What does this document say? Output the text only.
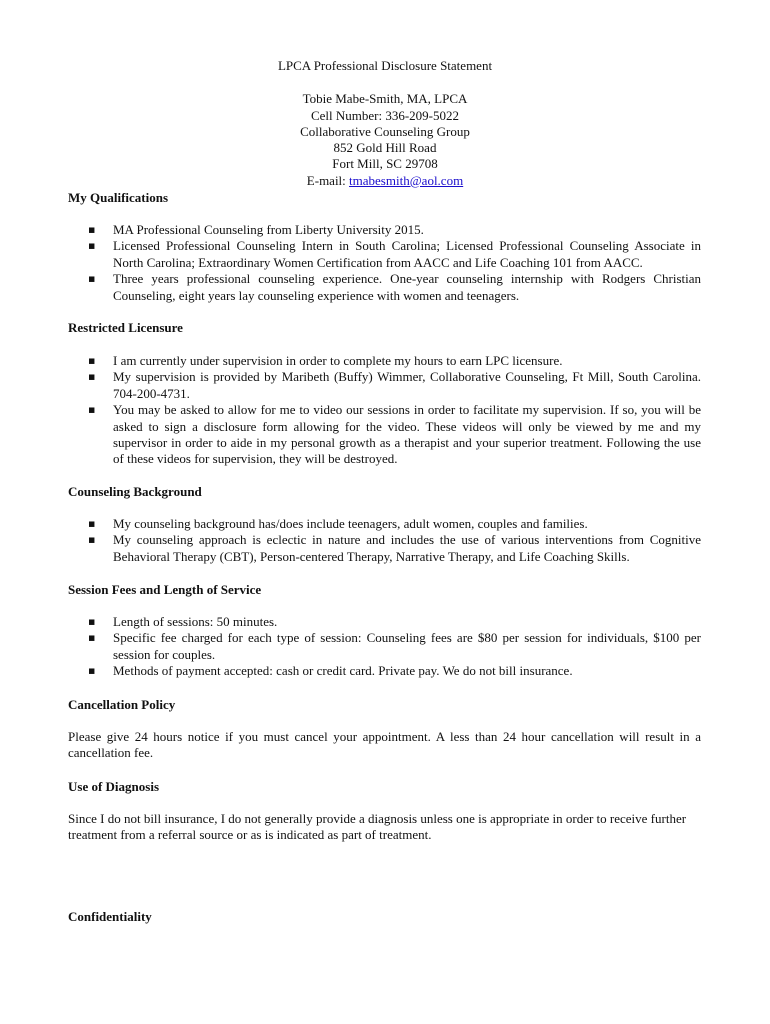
LPCA Professional Disclosure Statement
Tobie Mabe-Smith, MA, LPCA
Cell Number: 336-209-5022
Collaborative Counseling Group
852 Gold Hill Road
Fort Mill, SC 29708
E-mail: tmabesmith@aol.com
My Qualifications
▪ MA Professional Counseling from Liberty University 2015.
▪ Licensed Professional Counseling Intern in South Carolina; Licensed Professional Counseling Associate in North Carolina; Extraordinary Women Certification from AACC and Life Coaching 101 from AACC.
▪ Three years professional counseling experience. One-year counseling internship with Rodgers Christian Counseling, eight years lay counseling experience with women and teenagers.
Restricted Licensure
▪ I am currently under supervision in order to complete my hours to earn LPC licensure.
▪ My supervision is provided by Maribeth (Buffy) Wimmer, Collaborative Counseling, Ft Mill, South Carolina. 704-200-4731.
▪ You may be asked to allow for me to video our sessions in order to facilitate my supervision. If so, you will be asked to sign a disclosure form allowing for the video. These videos will only be viewed by me and my supervisor in order to aide in my personal growth as a therapist and your superior treatment. Following the use of these videos for supervision, they will be destroyed.
Counseling Background
▪ My counseling background has/does include teenagers, adult women, couples and families.
▪ My counseling approach is eclectic in nature and includes the use of various interventions from Cognitive Behavioral Therapy (CBT), Person-centered Therapy, Narrative Therapy, and Life Coaching Skills.
Session Fees and Length of Service
▪ Length of sessions: 50 minutes.
▪ Specific fee charged for each type of session: Counseling fees are $80 per session for individuals, $100 per session for couples.
▪ Methods of payment accepted: cash or credit card. Private pay. We do not bill insurance.
Cancellation Policy

Please give 24 hours notice if you must cancel your appointment. A less than 24 hour cancellation will result in a cancellation fee.

Use of Diagnosis

Since I do not bill insurance, I do not generally provide a diagnosis unless one is appropriate in order to receive further treatment from a referral source or as is indicated as part of treatment.

Confidentiality
